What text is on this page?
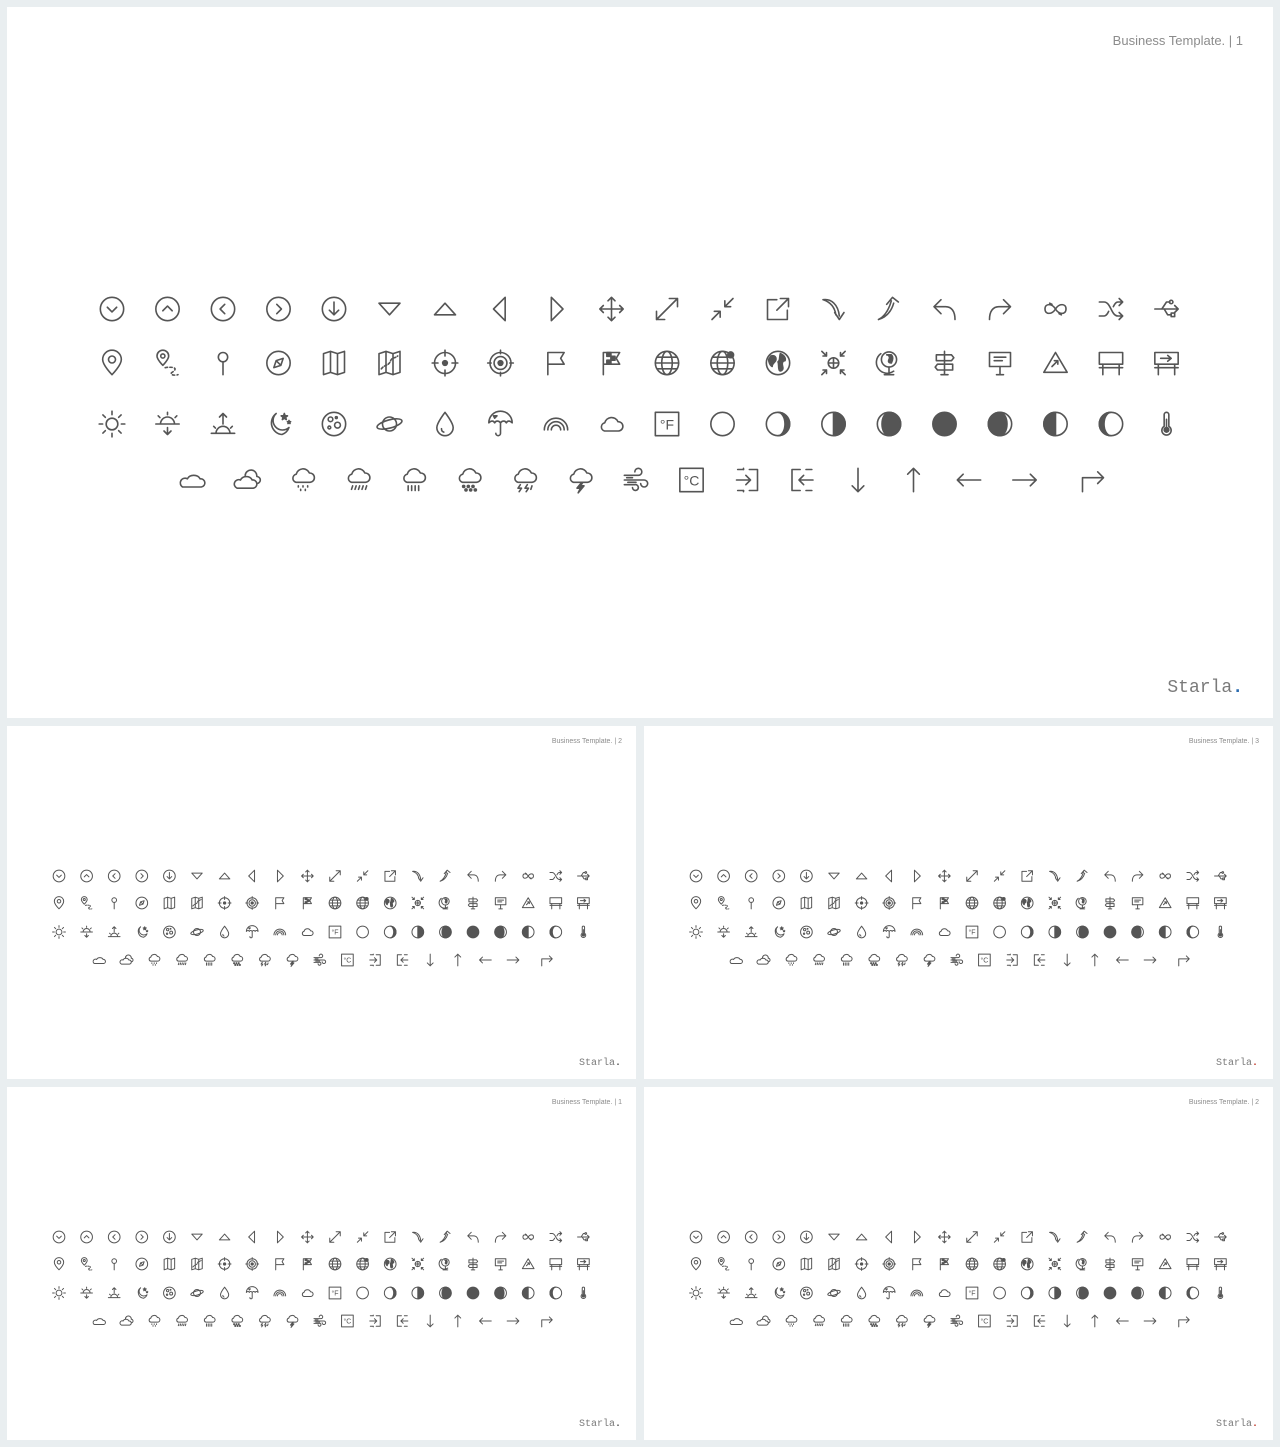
Business Template. | 1
Starla.
°F
°C
Business Template. | 2
Starla.
°F
°C
Business Template. | 3
Starla.
°F
°C
Business Template. | 1
Starla.
°F
°C
Business Template. | 2
Starla.
°F
°C
